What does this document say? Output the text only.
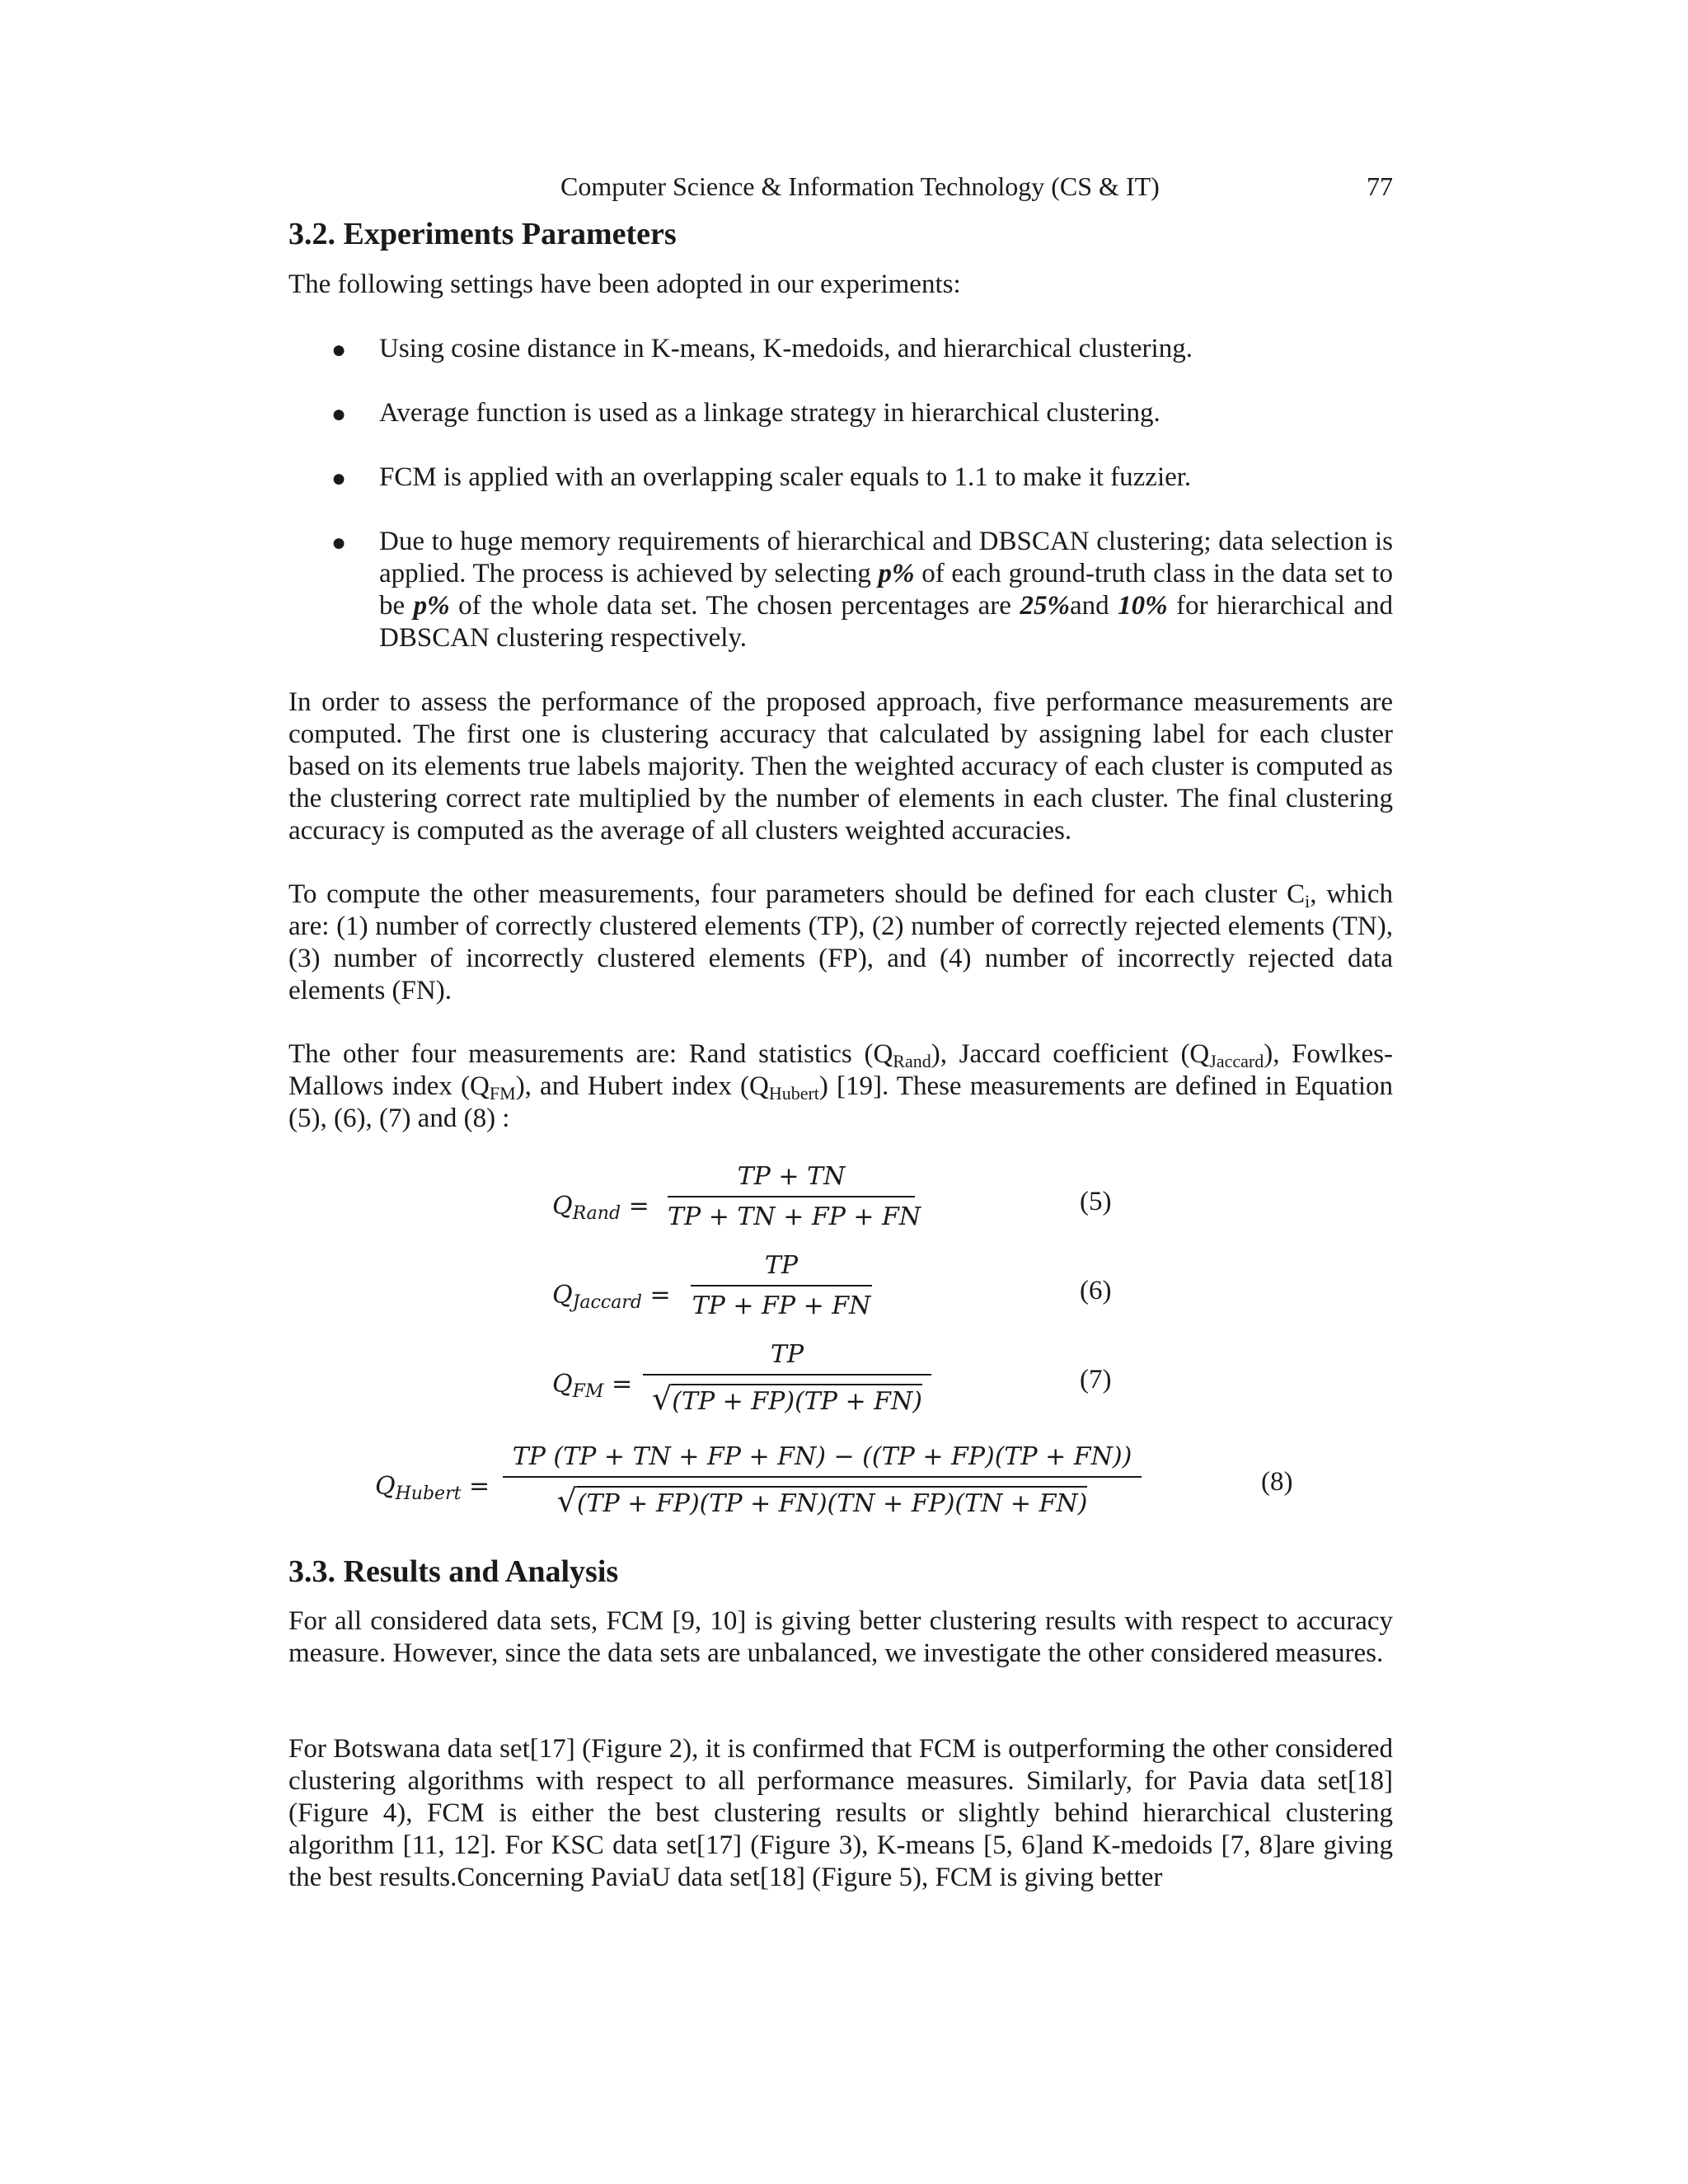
Computer Science & Information Technology (CS & IT)	77
3.2. Experiments Parameters

The following settings have been adopted in our experiments:

● Using cosine distance in K-means, K-medoids, and hierarchical clustering.

● Average function is used as a linkage strategy in hierarchical clustering.

● FCM is applied with an overlapping scaler equals to 1.1 to make it fuzzier.

● Due to huge memory requirements of hierarchical and DBSCAN clustering; data selection is applied. The process is achieved by selecting p% of each ground-truth class in the data set to be p% of the whole data set. The chosen percentages are 25%and 10% for hierarchical and DBSCAN clustering respectively.

In order to assess the performance of the proposed approach, five performance measurements are computed. The first one is clustering accuracy that calculated by assigning label for each cluster based on its elements true labels majority. Then the weighted accuracy of each cluster is computed as the clustering correct rate multiplied by the number of elements in each cluster. The final clustering accuracy is computed as the average of all clusters weighted accuracies.

To compute the other measurements, four parameters should be defined for each cluster $C_i$, which are: (1) number of correctly clustered elements (TP), (2) number of correctly rejected elements (TN), (3) number of incorrectly clustered elements (FP), and (4) number of incorrectly rejected data elements (FN).

The other four measurements are: Rand statistics $(Q_{Rand})$, Jaccard coefficient $(Q_{Jaccard})$, Fowlkes-Mallows index $(Q_{FM})$, and Hubert index $(Q_{Hubert})$ [19]. These measurements are defined in Equation (5), (6), (7) and (8) :

$Q_{Rand}$ =
TP + TN
TP + TN + FP + FN
(5)
$Q_{Jaccard}$ =
TP
TP + FP + FN
(6)
$Q_{FM}$ =
TP
√(TP + FP)(TP + FN)
(7)
$Q_{Hubert}$ =
TP (TP + TN + FP + FN) − ((TP + FP)(TP + FN))
√(TP + FP)(TP + FN)(TN + FP)(TN + FN)
(8)
3.3. Results and Analysis

For all considered data sets, FCM [9, 10] is giving better clustering results with respect to accuracy measure. However, since the data sets are unbalanced, we investigate the other considered measures.

For Botswana data set[17] (Figure 2), it is confirmed that FCM is outperforming the other considered clustering algorithms with respect to all performance measures. Similarly, for Pavia data set[18] (Figure 4), FCM is either the best clustering results or slightly behind hierarchical clustering algorithm [11, 12]. For KSC data set[17] (Figure 3), K-means [5, 6]and K-medoids [7, 8]are giving the best results.Concerning PaviaU data set[18] (Figure 5), FCM is giving better
